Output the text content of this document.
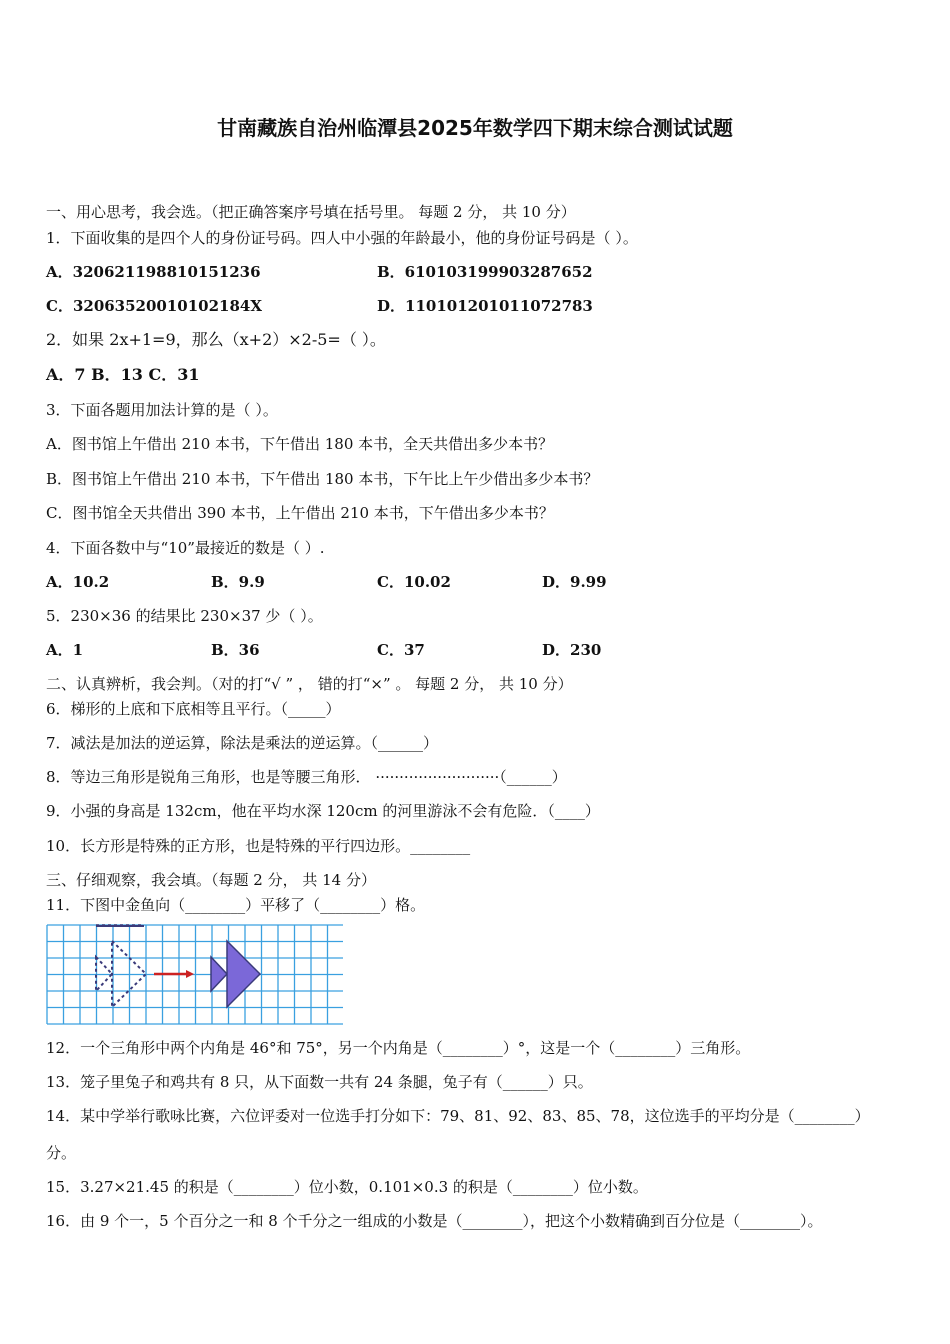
甘南藏族自治州临潭县2025年数学四下期末综合测试试题
一、用心思考，我会选。（把正确答案序号填在括号里。 每题 2 分， 共 10 分）
1．下面收集的是四个人的身份证号码。四人中小强的年龄最小，他的身份证号码是（ ）。
A．320621198810151236	B．610103199903287652
C．32063520010102184X	D．110101201011072783
2．如果 2x+1=9，那么（x+2）×2-5=（ ）。
A．7 B．13 C．31
3．下面各题用加法计算的是（ ）。
A．图书馆上午借出 210 本书，下午借出 180 本书，全天共借出多少本书？
B．图书馆上午借出 210 本书，下午借出 180 本书，下午比上午少借出多少本书？
C．图书馆全天共借出 390 本书，上午借出 210 本书，下午借出多少本书？
4．下面各数中与“10”最接近的数是（ ）.
A．10.2	B．9.9	C．10.02	D．9.99
5．230×36 的结果比 230×37 少（ ）。
A．1	B．36	C．37	D．230
二、认真辨析，我会判。（对的打“√ ” ， 错的打“×” 。 每题 2 分， 共 10 分）
6．梯形的上底和下底相等且平行。（_____）
7．减法是加法的逆运算，除法是乘法的逆运算。（______）
8．等边三角形是锐角三角形，也是等腰三角形． ··························（______）
9．小强的身高是 132cm，他在平均水深 120cm 的河里游泳不会有危险．（____）
10．长方形是特殊的正方形，也是特殊的平行四边形。________
三、仔细观察，我会填。（每题 2 分， 共 14 分）
11．下图中金鱼向（________）平移了（________）格。
12．一个三角形中两个内角是 46°和 75°，另一个内角是（________）°，这是一个（________）三角形。
13．笼子里兔子和鸡共有 8 只，从下面数一共有 24 条腿，兔子有（______）只。
14．某中学举行歌咏比赛，六位评委对一位选手打分如下：79、81、92、83、85、78，这位选手的平均分是（________）
分。
15．3.27×21.45 的积是（________）位小数，0.101×0.3 的积是（________）位小数。
16．由 9 个一，5 个百分之一和 8 个千分之一组成的小数是（________），把这个小数精确到百分位是（________）。
